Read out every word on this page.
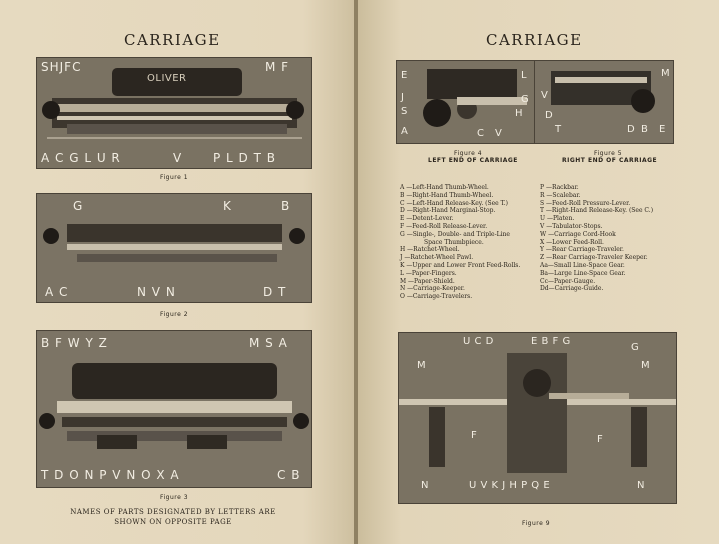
CARRIAGE
OLIVER
SHJFC	M F
A C G L U R	V	P L D T B
Figure 1
G	K	B
A C	N V N	D T
Figure 2
B F W Y Z	M S A
T D O N P V N O X A	C B
Figure 3
NAMES OF PARTS DESIGNATED BY LETTERS ARE SHOWN ON OPPOSITE PAGE
CARRIAGE
E
J
S
A
L
G
H
C V
Figure 4
LEFT END OF CARRIAGE
V
D
T	D B E
M
Figure 5
RIGHT END OF CARRIAGE
A —Left-Hand Thumb-Wheel.
B —Right-Hand Thumb-Wheel.
C —Left-Hand Release-Key. (See T.)
D —Right-Hand Marginal-Stop.
E —Detent-Lever.
F —Feed-Roll Release-Lever.
G —Single-, Double- and Triple-Line
Space Thumbpiece.
H —Ratchet-Wheel.
J —Ratchet-Wheel Pawl.
K —Upper and Lower Front Feed-Rolls.
L —Paper-Fingers.
M —Paper-Shield.
N —Carriage-Keeper.
O —Carriage-Travelers.
P —Rackbar.
R —Scalebar.
S —Feed-Roll Pressure-Lever.
T —Right-Hand Release-Key. (See C.)
U —Platen.
V —Tabulator-Stops.
W —Carriage Cord-Hook
X —Lower Feed-Roll.
Y —Rear Carriage-Traveler.
Z —Rear Carriage-Traveler Keeper.
Aa—Small Line-Space Gear.
Ba—Large Line-Space Gear.
Cc—Paper-Gauge.
Dd—Carriage-Guide.
U C D	E B F G
G
M	M
F	F
N	U V K J H P Q E	N
Figure 9
